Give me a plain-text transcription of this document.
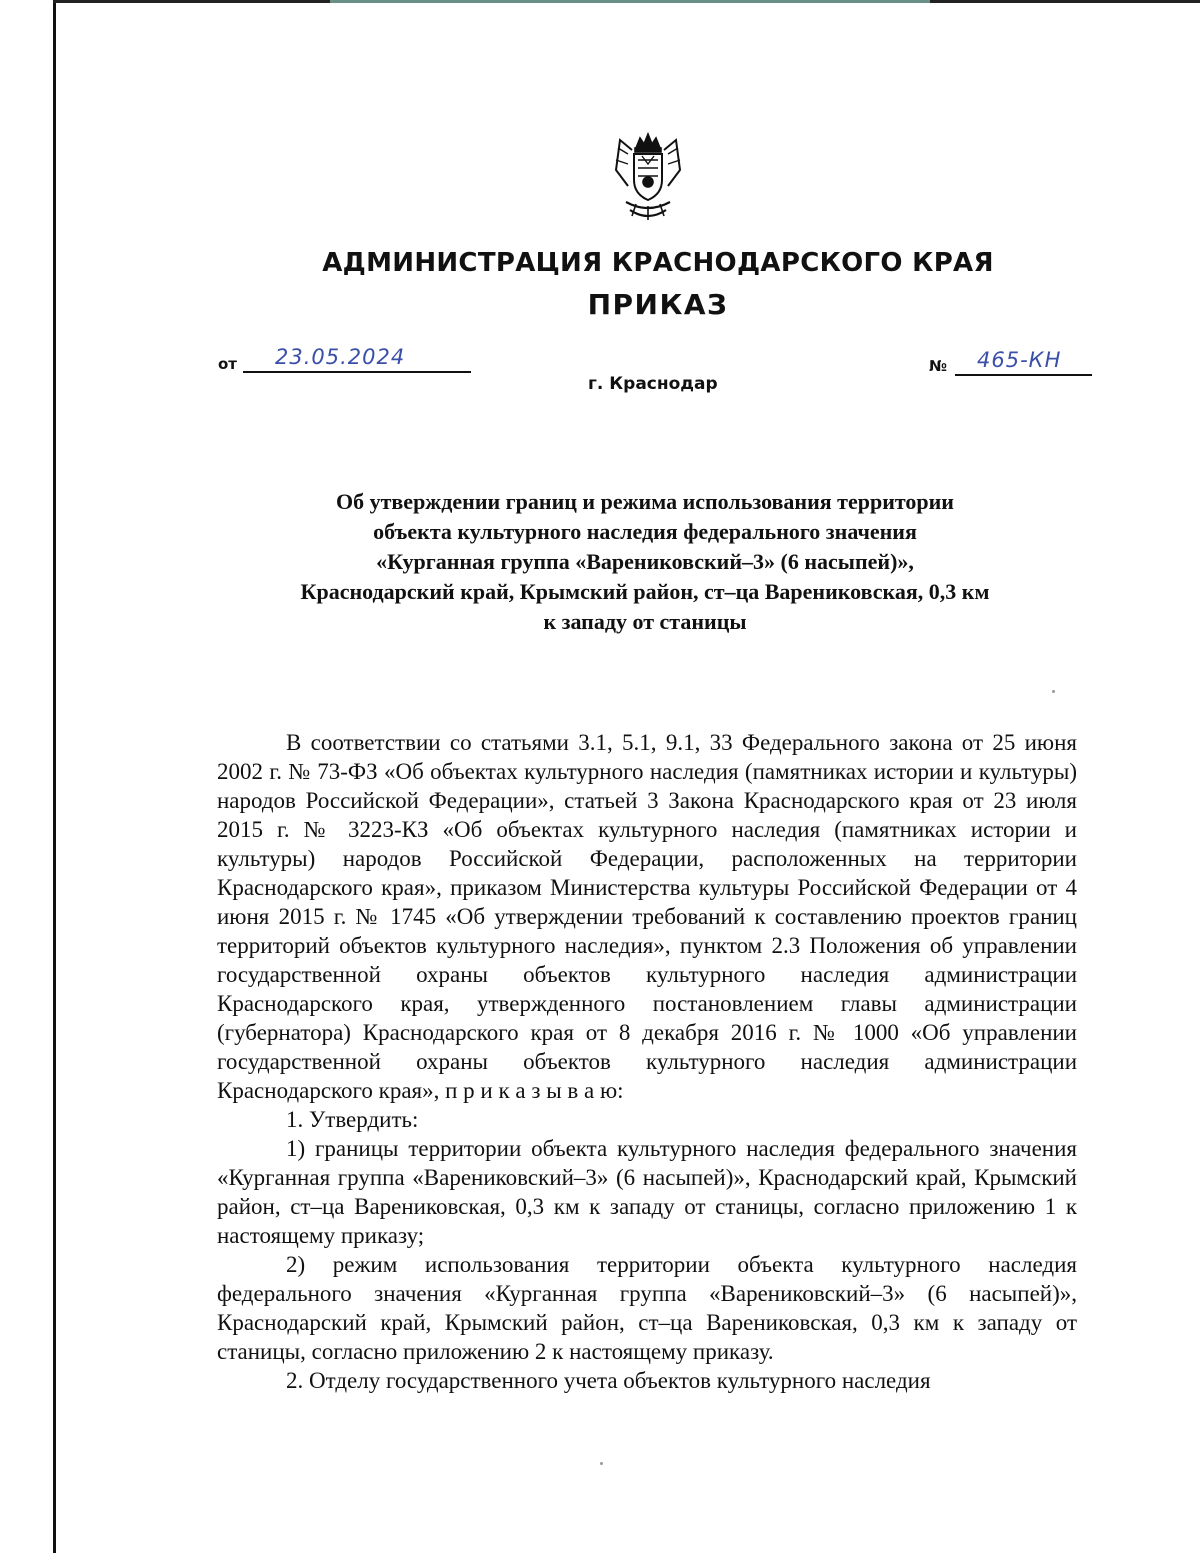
АДМИНИСТРАЦИЯ КРАСНОДАРСКОГО КРАЯ
ПРИКАЗ
от 23.05.2024
г. Краснодар
№ 465-КН
Об утверждении границ и режима использования территории
объекта культурного наследия федерального значения
«Курганная группа «Варениковский–3» (6 насыпей)»,
Краснодарский край, Крымский район, ст–ца Варениковская, 0,3 км
к западу от станицы

В соответствии со статьями 3.1, 5.1, 9.1, 33 Федерального закона от 25 июня 2002 г. № 73-ФЗ «Об объектах культурного наследия (памятниках истории и культуры) народов Российской Федерации», статьей 3 Закона Краснодарского края от 23 июля 2015 г. № 3223-КЗ «Об объектах культурного наследия (памятниках истории и культуры) народов Российской Федерации, расположенных на территории Краснодарского края», приказом Министерства культуры Российской Федерации от 4 июня 2015 г. № 1745 «Об утверждении требований к составлению проектов границ территорий объектов культурного наследия», пунктом 2.3 Положения об управлении государственной охраны объектов культурного наследия администрации Краснодарского края, утвержденного постановлением главы администрации (губернатора) Краснодарского края от 8 декабря 2016 г. № 1000 «Об управлении государственной охраны объектов культурного наследия администрации Краснодарского края», п р и к а з ы в а ю:

1. Утвердить:

1) границы территории объекта культурного наследия федерального значения «Курганная группа «Варениковский–3» (6 насыпей)», Краснодарский край, Крымский район, ст–ца Варениковская, 0,3 км к западу от станицы, согласно приложению 1 к настоящему приказу;

2) режим использования территории объекта культурного наследия федерального значения «Курганная группа «Варениковский–3» (6 насыпей)», Краснодарский край, Крымский район, ст–ца Варениковская, 0,3 км к западу от станицы, согласно приложению 2 к настоящему приказу.

2. Отделу государственного учета объектов культурного наследия
